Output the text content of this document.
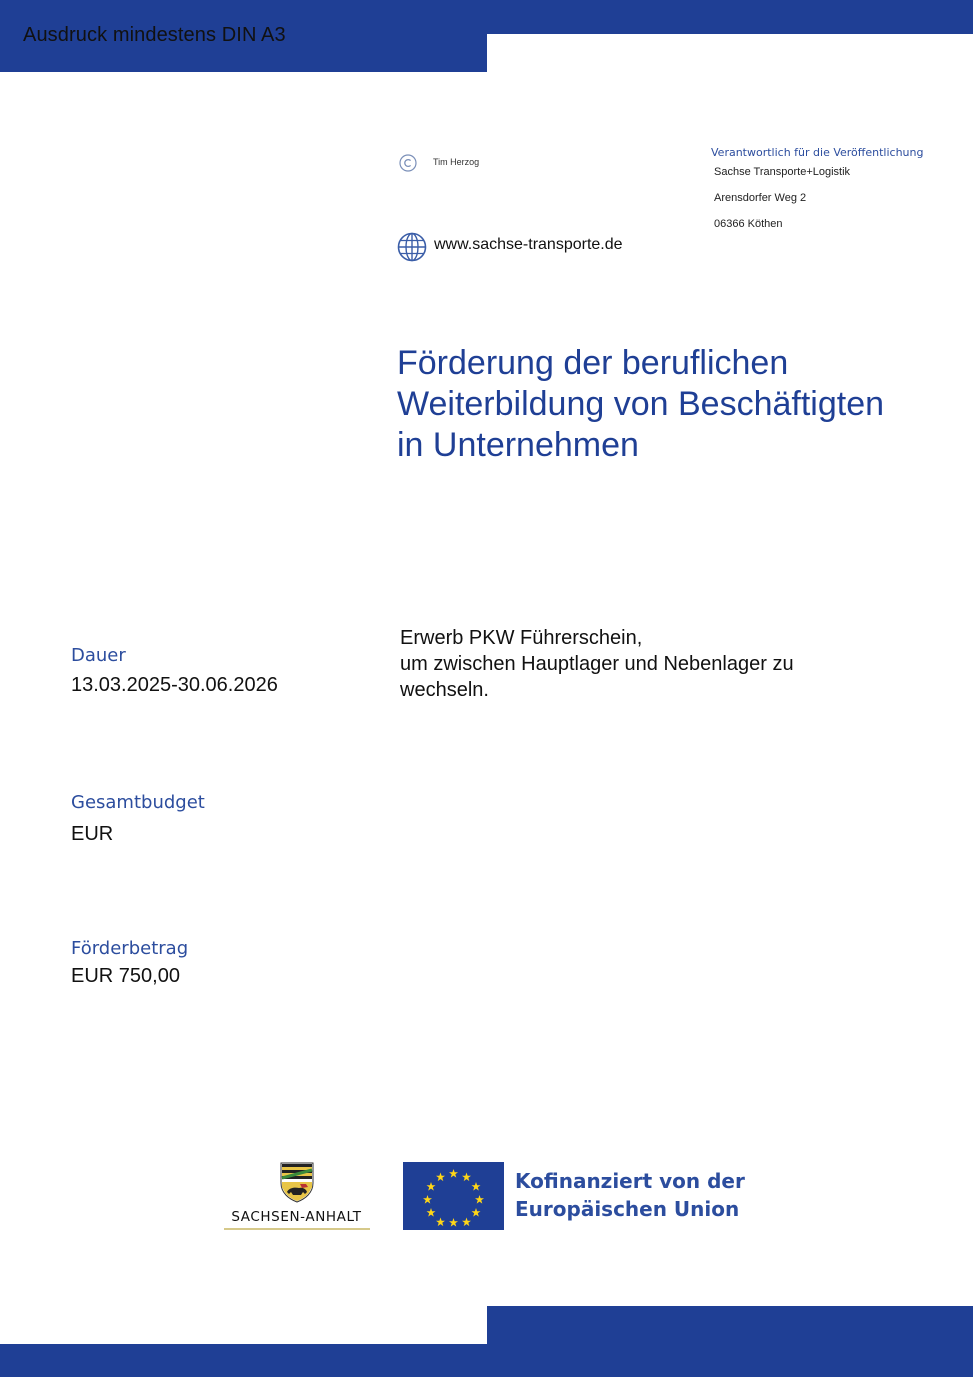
Ausdruck mindestens DIN A3
Tim Herzog
www.sachse-transporte.de
Verantwortlich für die Veröffentlichung
Sachse Transporte+Logistik
Arensdorfer Weg 2
06366 Köthen
Förderung der beruflichen
Weiterbildung von Beschäftigten
in Unternehmen
Erwerb PKW Führerschein,
um zwischen Hauptlager und Nebenlager zu
wechseln.
Dauer
13.03.2025-30.06.2026
Gesamtbudget
EUR
Förderbetrag
EUR 750,00
SACHSEN-ANHALT
Kofinanziert von der
Europäischen Union
